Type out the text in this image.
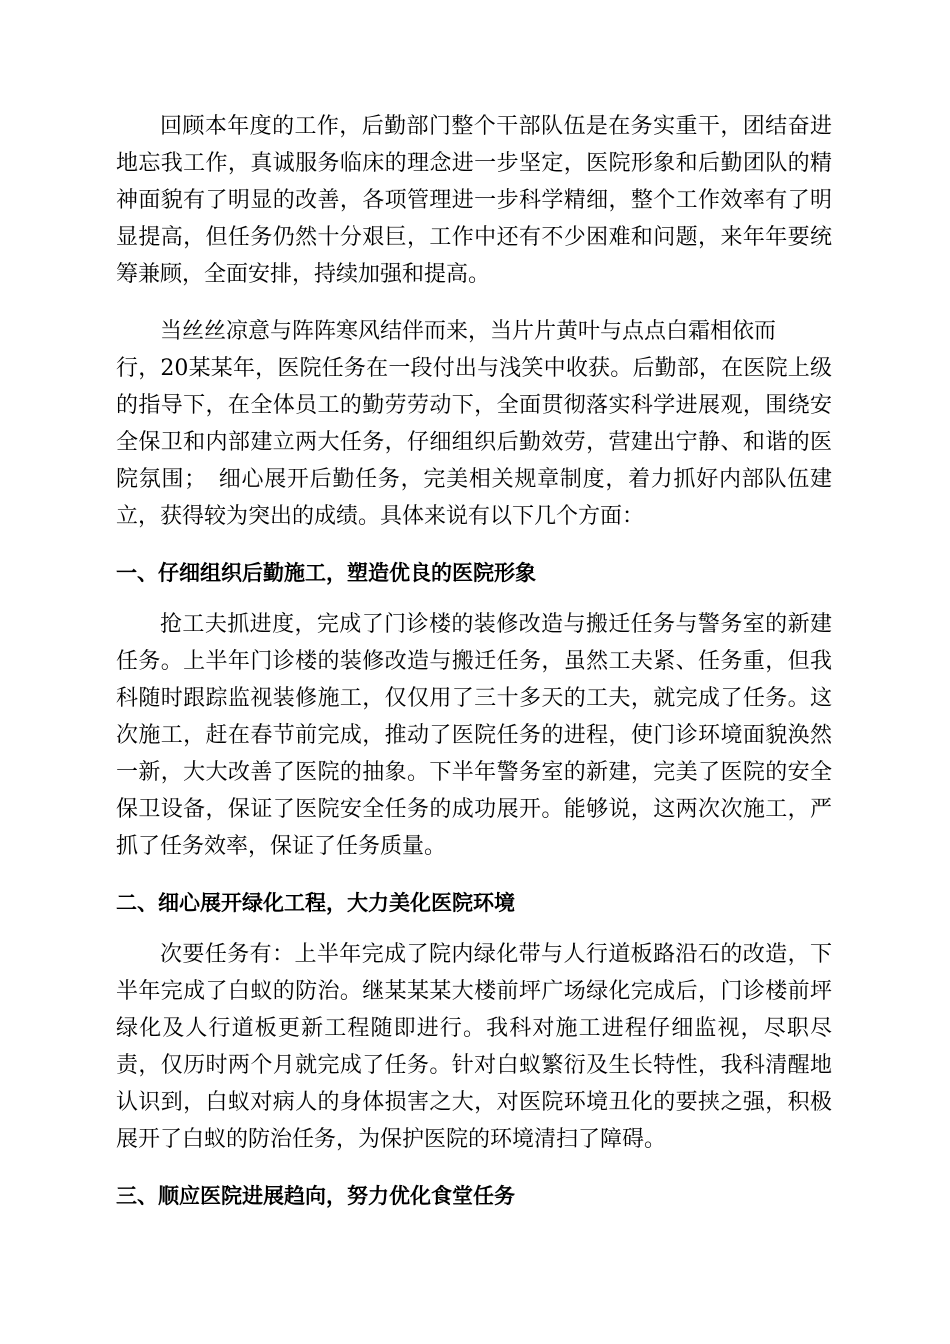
回顾本年度的工作，后勤部门整个干部队伍是在务实重干，团结奋进地忘我工作，真诚服务临床的理念进一步坚定，医院形象和后勤团队的精神面貌有了明显的改善，各项管理进一步科学精细，整个工作效率有了明显提高，但任务仍然十分艰巨，工作中还有不少困难和问题，来年年要统筹兼顾，全面安排，持续加强和提高。

当丝丝凉意与阵阵寒风结伴而来，当片片黄叶与点点白霜相依而
行，20某某年，医院任务在一段付出与浅笑中收获。后勤部，在医院上级的指导下，在全体员工的勤劳劳动下，全面贯彻落实科学进展观，围绕安全保卫和内部建立两大任务，仔细组织后勤效劳，营建出宁静、和谐的医院氛围；　细心展开后勤任务，完美相关规章制度，着力抓好内部队伍建立，获得较为突出的成绩。具体来说有以下几个方面：

一、仔细组织后勤施工，塑造优良的医院形象

抢工夫抓进度，完成了门诊楼的装修改造与搬迁任务与警务室的新建任务。上半年门诊楼的装修改造与搬迁任务，虽然工夫紧、任务重，但我科随时跟踪监视装修施工，仅仅用了三十多天的工夫，就完成了任务。这次施工，赶在春节前完成，推动了医院任务的进程，使门诊环境面貌涣然一新，大大改善了医院的抽象。下半年警务室的新建，完美了医院的安全保卫设备，保证了医院安全任务的成功展开。能够说，这两次次施工，严抓了任务效率，保证了任务质量。

二、细心展开绿化工程，大力美化医院环境

次要任务有：上半年完成了院内绿化带与人行道板路沿石的改造，下半年完成了白蚁的防治。继某某某大楼前坪广场绿化完成后，门诊楼前坪绿化及人行道板更新工程随即进行。我科对施工进程仔细监视，尽职尽责，仅历时两个月就完成了任务。针对白蚁繁衍及生长特性，我科清醒地认识到，白蚁对病人的身体损害之大，对医院环境丑化的要挟之强，积极展开了白蚁的防治任务，为保护医院的环境清扫了障碍。

三、顺应医院进展趋向，努力优化食堂任务
